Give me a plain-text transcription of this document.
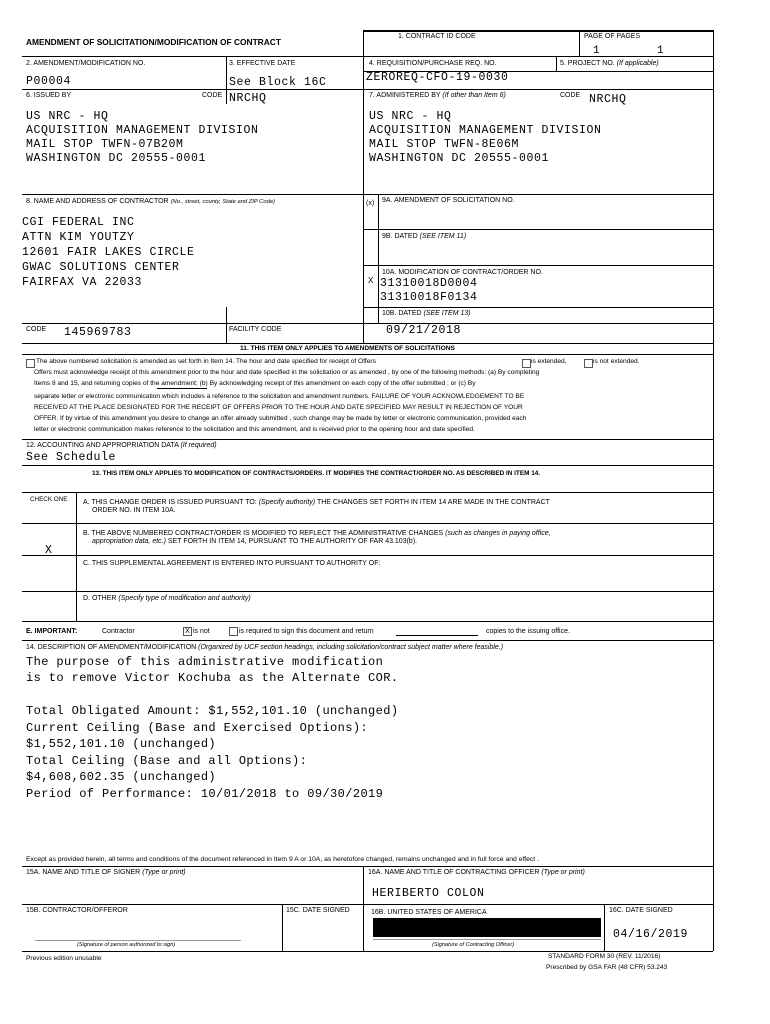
AMENDMENT OF SOLICITATION/MODIFICATION OF CONTRACT
1. CONTRACT ID CODE	PAGE OF PAGES
1	1
2. AMENDMENT/MODIFICATION NO.	3. EFFECTIVE DATE	4. REQUISITION/PURCHASE REQ. NO.	5. PROJECT NO. (If applicable)
P00004	See Block 16C	ZEROREQ-CFO-19-0030
6. ISSUED BY	CODE NRCHQ	7. ADMINISTERED BY (If other than Item 6)	CODE NRCHQ
US NRC - HQ
ACQUISITION MANAGEMENT DIVISION
MAIL STOP TWFN-07B20M
WASHINGTON DC 20555-0001
US NRC - HQ
ACQUISITION MANAGEMENT DIVISION
MAIL STOP TWFN-8E06M
WASHINGTON DC 20555-0001
8. NAME AND ADDRESS OF CONTRACTOR (No., street, county, State and ZIP Code)	(x) 9A. AMENDMENT OF SOLICITATION NO.
CGI FEDERAL INC
ATTN KIM YOUTZY
12601 FAIR LAKES CIRCLE
GWAC SOLUTIONS CENTER
FAIRFAX VA 22033
9B. DATED (SEE ITEM 11)
X
10A. MODIFICATION OF CONTRACT/ORDER NO.
31310018D0004
31310018F0134
10B. DATED (SEE ITEM 13)
09/21/2018
CODE 145969783	FACILITY CODE
11. THIS ITEM ONLY APPLIES TO AMENDMENTS OF SOLICITATIONS
The above numbered solicitation is amended as set forth in Item 14. The hour and date specified for receipt of Offers	is extended,	is not extended.
Offers must acknowledge receipt of this amendment prior to the hour and date specified in the solicitation or as amended , by one of the following methods: (a) By completing
Items 8 and 15, and returning copies of the amendment; (b) By acknowledging receipt of this amendment on each copy of the offer submitted ; or (c) By
separate letter or electronic communication which includes a reference to the solicitation and amendment numbers. FAILURE OF YOUR ACKNOWLEDGEMENT TO BE
RECEIVED AT THE PLACE DESIGNATED FOR THE RECEIPT OF OFFERS PRIOR TO THE HOUR AND DATE SPECIFIED MAY RESULT IN REJECTION OF YOUR
OFFER. If by virtue of this amendment you desire to change an offer already submitted , such change may be made by letter or electronic communication, provided each
letter or electronic communication makes reference to the solicitation and this amendment, and is received prior to the opening hour and date specified.
12. ACCOUNTING AND APPROPRIATION DATA (If required)
See Schedule
13. THIS ITEM ONLY APPLIES TO MODIFICATION OF CONTRACTS/ORDERS. IT MODIFIES THE CONTRACT/ORDER NO. AS DESCRIBED IN ITEM 14.
CHECK ONE A. THIS CHANGE ORDER IS ISSUED PURSUANT TO: (Specify authority) THE CHANGES SET FORTH IN ITEM 14 ARE MADE IN THE CONTRACT
ORDER NO. IN ITEM 10A.
B. THE ABOVE NUMBERED CONTRACT/ORDER IS MODIFIED TO REFLECT THE ADMINISTRATIVE CHANGES (such as changes in paying office,
appropriation data, etc.) SET FORTH IN ITEM 14, PURSUANT TO THE AUTHORITY OF FAR 43.103(b).
X
C. THIS SUPPLEMENTAL AGREEMENT IS ENTERED INTO PURSUANT TO AUTHORITY OF:
D. OTHER (Specify type of modification and authority)
E. IMPORTANT:	Contractor	X is not	is required to sign this document and return	copies to the issuing office.
14. DESCRIPTION OF AMENDMENT/MODIFICATION (Organized by UCF section headings, including solicitation/contract subject matter where feasible.)
The purpose of this administrative modification
is to remove Victor Kochuba as the Alternate COR.
Total Obligated Amount: $1,552,101.10 (unchanged)
Current Ceiling (Base and Exercised Options):
$1,552,101.10 (unchanged)
Total Ceiling (Base and all Options):
$4,608,602.35 (unchanged)
Period of Performance: 10/01/2018 to 09/30/2019
Except as provided herein, all terms and conditions of the document referenced in Item 9 A or 10A, as heretofore changed, remains unchanged and in full force and effect .
15A. NAME AND TITLE OF SIGNER (Type or print)	16A. NAME AND TITLE OF CONTRACTING OFFICER (Type or print)
HERIBERTO COLON
15B. CONTRACTOR/OFFEROR	15C. DATE SIGNED	16B. UNITED STATES OF AMERICA	16C. DATE SIGNED
04/16/2019
(Signature of person authorized to sign)	(Signature of Contracting Officer)
Previous edition unusable	STANDARD FORM 30 (REV. 11/2016)
Prescribed by GSA FAR (48 CFR) 53.243
